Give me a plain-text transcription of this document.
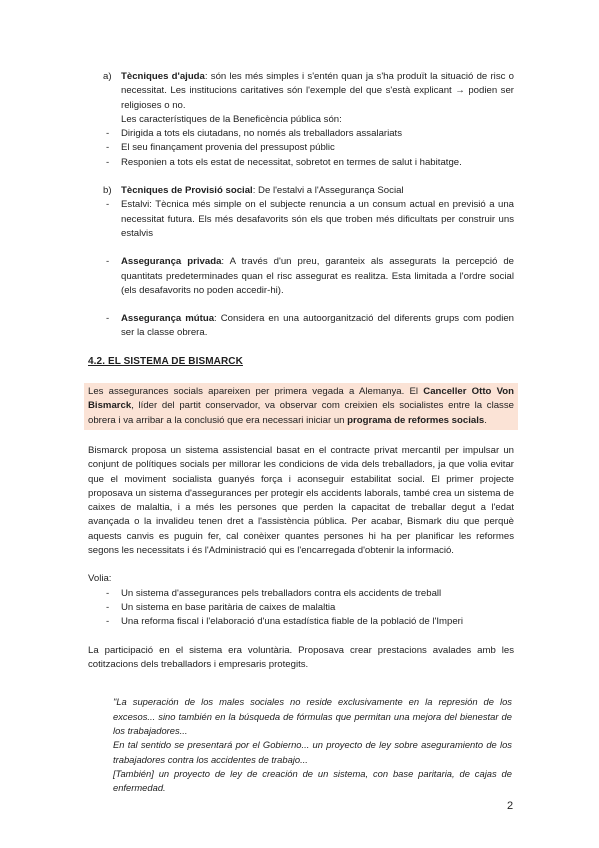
a) Tècniques d'ajuda: són les més simples i s'entén quan ja s'ha produït la situació de risc o necessitat. Les institucions caritatives són l'exemple del que s'està explicant → podien ser religioses o no.
Les característiques de la Beneficència pública són:
- Dirigida a tots els ciutadans, no només als treballadors assalariats
- El seu finançament provenia del pressupost públic
- Responien a tots els estat de necessitat, sobretot en termes de salut i habitatge.
b) Tècniques de Provisió social: De l'estalvi a l'Assegurança Social
- Estalvi: Tècnica més simple on el subjecte renuncia a un consum actual en previsió a una necessitat futura. Els més desafavorits són els que troben més dificultats per construir uns estalvis
- Assegurança privada: A través d'un preu, garanteix als assegurats la percepció de quantitats predeterminades quan el risc assegurat es realitza. Esta limitada a l'ordre social (els desafavorits no poden accedir-hi).
- Assegurança mútua: Considera en una autoorganització del diferents grups com podien ser la classe obrera.

4.2. EL SISTEMA DE BISMARCK

Les assegurances socials apareixen per primera vegada a Alemanya. El Canceller Otto Von Bismarck, líder del partit conservador, va observar com creixien els socialistes entre la classe obrera i va arribar a la conclusió que era necessari iniciar un programa de reformes socials.

Bismarck proposa un sistema assistencial basat en el contracte privat mercantil per impulsar un conjunt de polítiques socials per millorar les condicions de vida dels treballadors, ja que volia evitar que el moviment socialista guanyés força i aconseguir estabilitat social. El primer projecte proposava un sistema d'assegurances per protegir els accidents laborals, també crea un sistema de caixes de malaltia, i a més les persones que perden la capacitat de treballar degut a l'edat avançada o la invalideu tenen dret a l'assistència pública. Per acabar, Bismark diu que perquè aquests canvis es puguin fer, cal conèixer quantes persones hi ha per planificar les reformes segons les necessitats i és l'Administració qui es l'encarregada d'obtenir la informació.

Volia:

- Un sistema d'assegurances pels treballadors contra els accidents de treball
- Un sistema en base paritària de caixes de malaltia
- Una reforma fiscal i l'elaboració d'una estadística fiable de la població de l'Imperi

La participació en el sistema era voluntària. Proposava crear prestacions avalades amb les cotitzacions dels treballadors i empresaris protegits.

"La superación de los males sociales no reside exclusivamente en la represión de los excesos... sino también en la búsqueda de fórmulas que permitan una mejora del bienestar de los trabajadores...
En tal sentido se presentará por el Gobierno... un proyecto de ley sobre aseguramiento de los trabajadores contra los accidentes de trabajo...
[También] un proyecto de ley de creación de un sistema, con base paritaria, de cajas de enfermedad.

2
